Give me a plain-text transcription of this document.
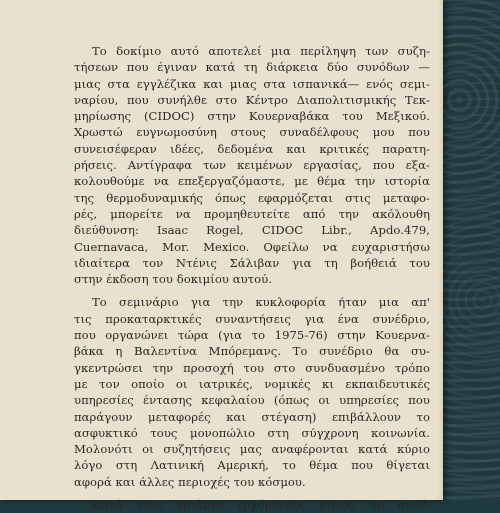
Το δοκίμιο αυτό αποτελεί μια περίληψη των συζη-
τήσεων που έγιναν κατά τη διάρκεια δύο συνόδων —
μιας στα εγγλέζικα και μιας στα ισπανικά— ενός σεμι-
ναρίου, που συνήλθε στο Κέντρο Διαπολιτισμικής Τεκ-
μηρίωσης (CIDOC) στην Κουερναβάκα του Μεξικού.
Χρωστώ ευγνωμοσύνη στους συναδέλφους μου που
συνεισέφεραν ιδέες, δεδομένα και κριτικές παρατη-
ρήσεις. Αντίγραφα των κειμένων εργασίας, που εξα-
κολουθούμε να επεξεργαζόμαστε, με θέμα την ιστορία
της θερμοδυναμικής όπως εφαρμόζεται στις μεταφο-
ρές, μπορείτε να προμηθευτείτε από την ακόλουθη
διεύθυνση: Isaac Rogel, CIDOC Libr., Apdo.479,
Cuernavaca, Mor. Mexico. Οφείλω να ευχαριστήσω
ιδιαίτερα τον Ντένις Σάλιβαν για τη βοήθειά του
στην έκδοση του δοκιμίου αυτού.
Το σεμινάριο για την κυκλοφορία ήταν μια απ'
τις προκαταρκτικές συναντήσεις για ένα συνέδριο,
που οργανώνει τώρα (για το 1975-76) στην Κουερνα-
βάκα η Βαλεντίνα Μπόρεμανς. Το συνέδριο θα συ-
γκεντρώσει την προσοχή του στο συνδυασμένο τρόπο
με τον οποίο οι ιατρικές, νομικές κι εκπαιδευτικές
υπηρεσίες έντασης κεφαλαίου (όπως οι υπηρεσίες που
παράγουν μεταφορές και στέγαση) επιβάλλουν το
ασφυκτικό τους μονοπώλιο στη σύγχρονη κοινωνία.
Μολονότι οι συζητήσεις μας αναφέρονται κατά κύριο
λόγο στη Λατινική Αμερική, το θέμα που θίγεται
αφορά και άλλες περιοχές του κόσμου.
Κατά τους τριάντα ερχόμενους μήνες, το συνέ-
